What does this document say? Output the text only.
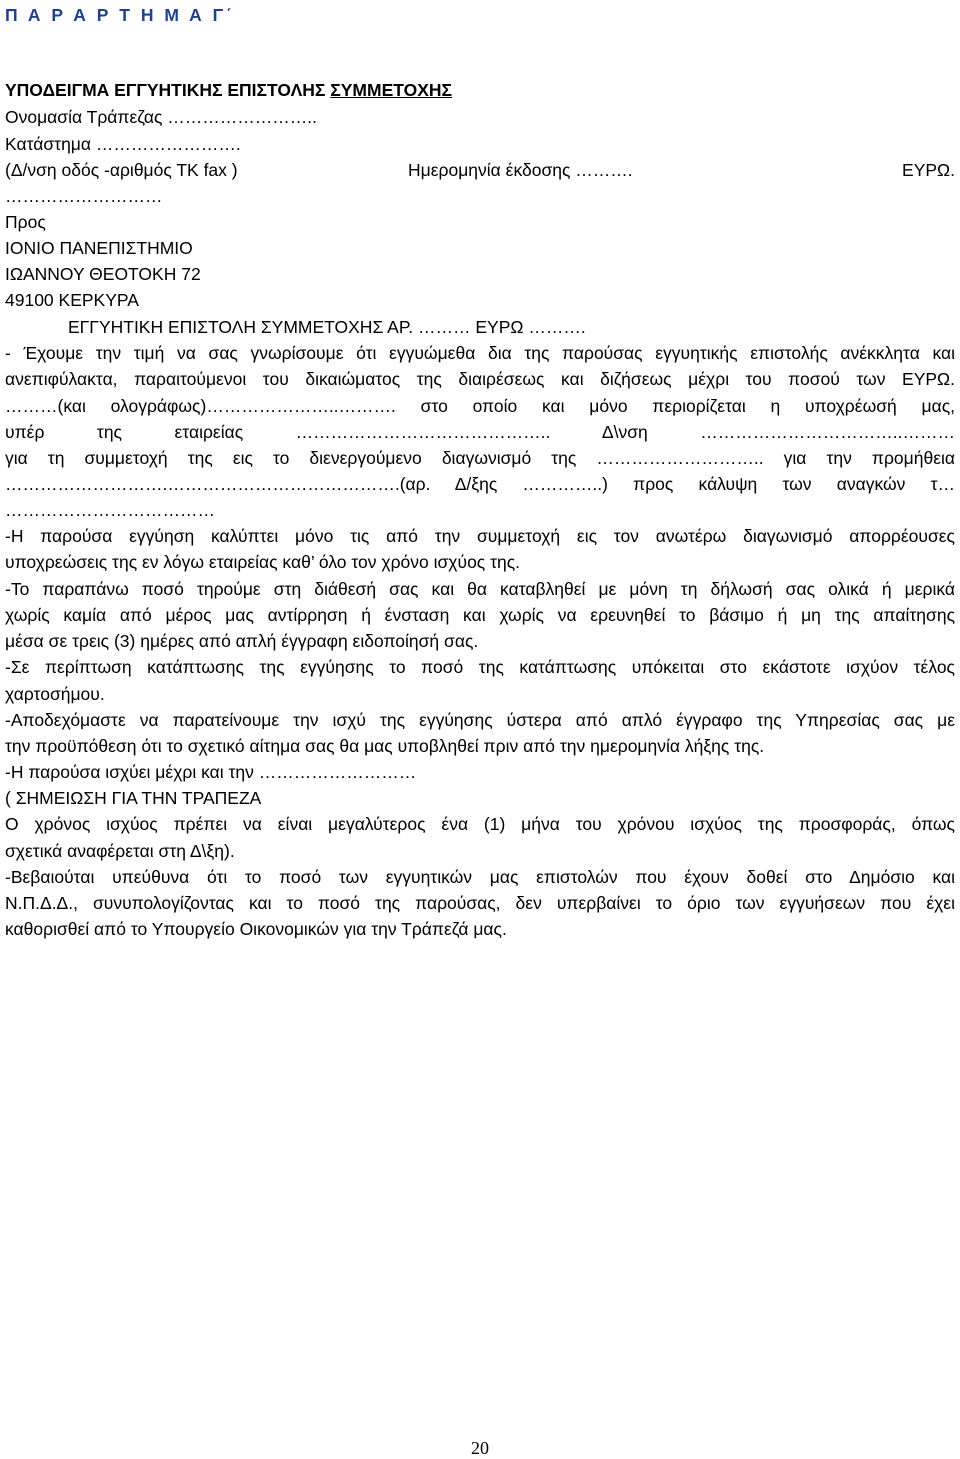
Π Α Ρ Α Ρ Τ Η Μ Α Γ΄
ΥΠΟΔΕΙΓΜΑ ΕΓΓΥΗΤΙΚΗΣ ΕΠΙΣΤΟΛΗΣ ΣΥΜΜΕΤΟΧΗΣ
Ονομασία Τράπεζας ……………………..
Κατάστημα …………………….
(Δ/νση οδός -αριθμός ΤΚ fax )	Ημερομηνία έκδοσης ……….	ΕΥΡΩ.
………………………
Προς
ΙΟΝΙΟ ΠΑΝΕΠΙΣΤΗΜΙΟ
ΙΩΑΝΝΟΥ ΘΕΟΤΟΚΗ 72
49100 ΚΕΡΚΥΡΑ
ΕΓΓΥΗΤΙΚΗ ΕΠΙΣΤΟΛΗ ΣΥΜΜΕΤΟΧΗΣ ΑΡ. ……… ΕΥΡΩ ……….
- Έχουμε την τιμή να σας γνωρίσουμε ότι εγγυώμεθα δια της παρούσας εγγυητικής επιστολής ανέκκλητα και
ανεπιφύλακτα, παραιτούμενοι του δικαιώματος της διαιρέσεως και διζήσεως μέχρι του ποσού των ΕΥΡΩ.
………(και ολογράφως)…………………..………. στο οποίο και μόνο περιορίζεται η υποχρέωσή μας,
υπέρ της εταιρείας …………………………………….. Δ\νση ……………………………..………
για τη συμμετοχή της εις το διενεργούμενο διαγωνισμό της ……………………….. για την προμήθεια
……………………….………………………………….(αρ. Δ/ξης …………..) προς κάλυψη των αναγκών τ…
………………………………
-Η παρούσα εγγύηση καλύπτει μόνο τις από την συμμετοχή εις τον ανωτέρω διαγωνισμό απορρέουσες
υποχρεώσεις της εν λόγω εταιρείας καθ’ όλο τον χρόνο ισχύος της.
-Το παραπάνω ποσό τηρούμε στη διάθεσή σας και θα καταβληθεί με μόνη τη δήλωσή σας ολικά ή μερικά
χωρίς καμία από μέρος μας αντίρρηση ή ένσταση και χωρίς να ερευνηθεί το βάσιμο ή μη της απαίτησης
μέσα σε τρεις (3) ημέρες από απλή έγγραφη ειδοποίησή σας.
-Σε περίπτωση κατάπτωσης της εγγύησης το ποσό της κατάπτωσης υπόκειται στο εκάστοτε ισχύον τέλος
χαρτοσήμου.
-Αποδεχόμαστε να παρατείνουμε την ισχύ της εγγύησης ύστερα από απλό έγγραφο της Υπηρεσίας σας με
την προϋπόθεση ότι το σχετικό αίτημα σας θα μας υποβληθεί πριν από την ημερομηνία λήξης της.
-Η παρούσα ισχύει μέχρι και την ………………………
( ΣΗΜΕΙΩΣΗ ΓΙΑ ΤΗΝ ΤΡΑΠΕΖΑ
Ο χρόνος ισχύος πρέπει να είναι μεγαλύτερος ένα (1) μήνα του χρόνου ισχύος της προσφοράς, όπως
σχετικά αναφέρεται στη Δ\ξη).
-Βεβαιούται υπεύθυνα ότι το ποσό των εγγυητικών μας επιστολών που έχουν δοθεί στο Δημόσιο και
Ν.Π.Δ.Δ., συνυπολογίζοντας και το ποσό της παρούσας, δεν υπερβαίνει το όριο των εγγυήσεων που έχει
καθορισθεί από το Υπουργείο Οικονομικών για την Τράπεζά μας.
20
